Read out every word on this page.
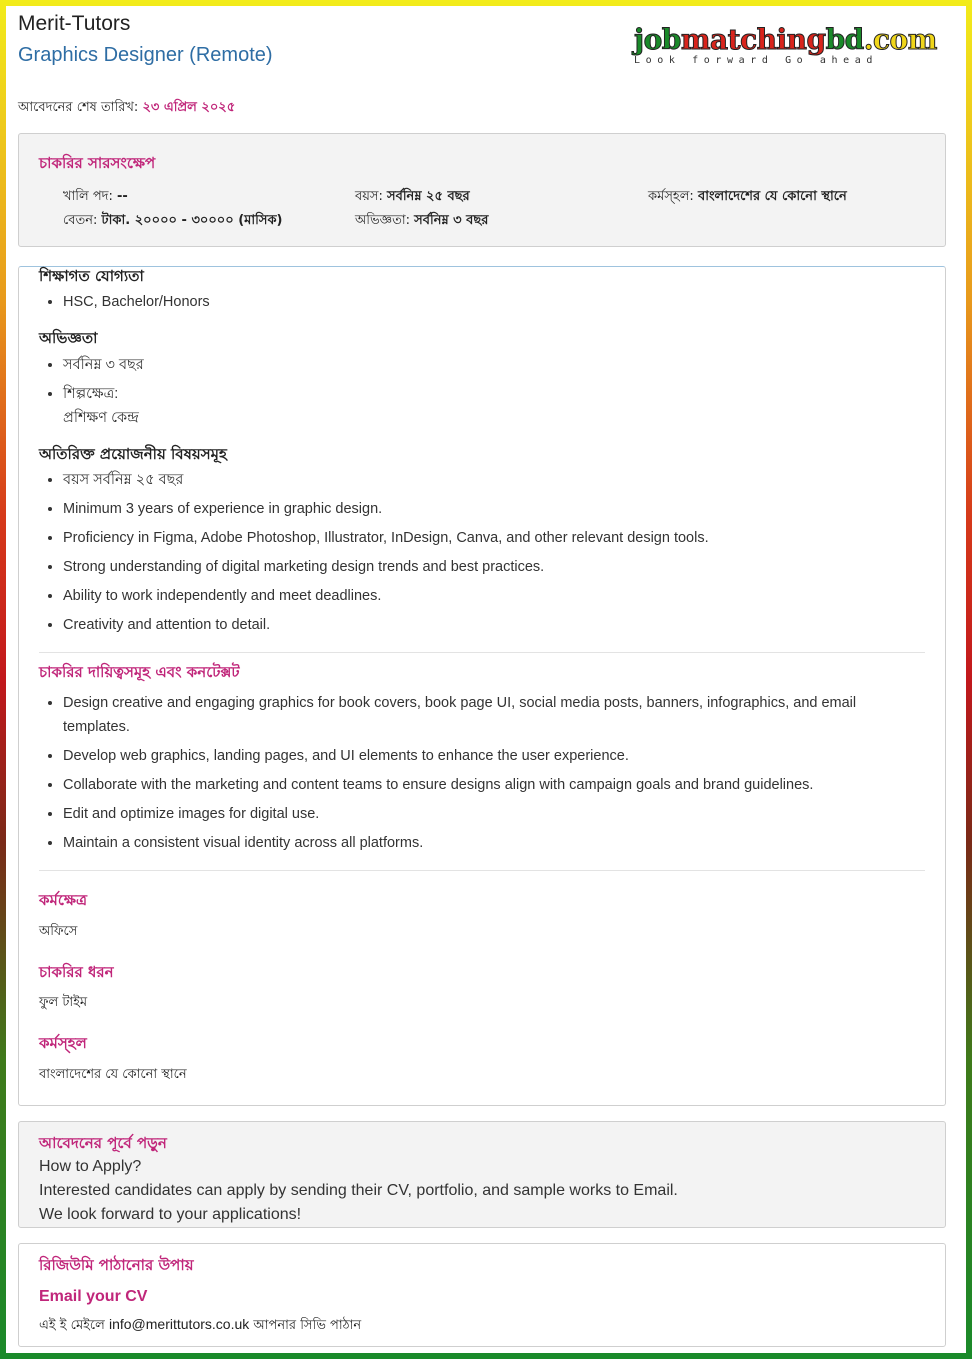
Merit-Tutors
Graphics Designer (Remote)	jobmatchingbd.com
Look forward Go ahead
আবেদনের শেষ তারিখ: ২৩ এপ্রিল ২০২৫
চাকরির সারসংক্ষেপ
খালি পদ: --
বেতন: টাকা. ২০০০০ - ৩০০০০ (মাসিক)
বয়স: সর্বনিম্ন ২৫ বছর
অভিজ্ঞতা: সর্বনিম্ন ৩ বছর
কর্মস্হল: বাংলাদেশের যে কোনো স্থানে
শিক্ষাগত যোগ্যতা
• HSC, Bachelor/Honors
অভিজ্ঞতা
• সর্বনিম্ন ৩ বছর
• শিল্পক্ষেত্র:
প্রশিক্ষণ কেন্দ্র
অতিরিক্ত প্রয়োজনীয় বিষয়সমূহ
• বয়স সর্বনিম্ন ২৫ বছর
• Minimum 3 years of experience in graphic design.
• Proficiency in Figma, Adobe Photoshop, Illustrator, InDesign, Canva, and other relevant design tools.
• Strong understanding of digital marketing design trends and best practices.
• Ability to work independently and meet deadlines.
• Creativity and attention to detail.
চাকরির দায়িত্বসমূহ এবং কনটেক্সট
• Design creative and engaging graphics for book covers, book page UI, social media posts, banners, infographics, and email templates.
• Develop web graphics, landing pages, and UI elements to enhance the user experience.
• Collaborate with the marketing and content teams to ensure designs align with campaign goals and brand guidelines.
• Edit and optimize images for digital use.
• Maintain a consistent visual identity across all platforms.
কর্মক্ষেত্র
অফিসে
চাকরির ধরন
ফুল টাইম
কর্মস্হল
বাংলাদেশের যে কোনো স্থানে
আবেদনের পূর্বে পড়ুন
How to Apply?
Interested candidates can apply by sending their CV, portfolio, and sample works to Email.
We look forward to your applications!
রিজিউমি পাঠানোর উপায়
Email your CV
এই ই মেইলে info@merittutors.co.uk আপনার সিভি পাঠান
